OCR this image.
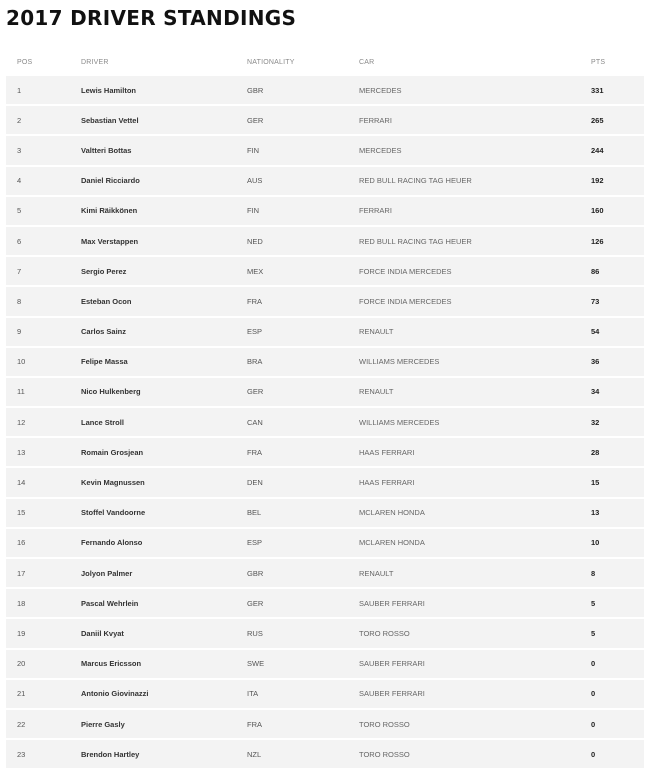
2017 DRIVER STANDINGS
POS	DRIVER	NATIONALITY	CAR	PTS
1	Lewis Hamilton	GBR	MERCEDES	331
2	Sebastian Vettel	GER	FERRARI	265
3	Valtteri Bottas	FIN	MERCEDES	244
4	Daniel Ricciardo	AUS	RED BULL RACING TAG HEUER	192
5	Kimi Räikkönen	FIN	FERRARI	160
6	Max Verstappen	NED	RED BULL RACING TAG HEUER	126
7	Sergio Perez	MEX	FORCE INDIA MERCEDES	86
8	Esteban Ocon	FRA	FORCE INDIA MERCEDES	73
9	Carlos Sainz	ESP	RENAULT	54
10	Felipe Massa	BRA	WILLIAMS MERCEDES	36
11	Nico Hulkenberg	GER	RENAULT	34
12	Lance Stroll	CAN	WILLIAMS MERCEDES	32
13	Romain Grosjean	FRA	HAAS FERRARI	28
14	Kevin Magnussen	DEN	HAAS FERRARI	15
15	Stoffel Vandoorne	BEL	MCLAREN HONDA	13
16	Fernando Alonso	ESP	MCLAREN HONDA	10
17	Jolyon Palmer	GBR	RENAULT	8
18	Pascal Wehrlein	GER	SAUBER FERRARI	5
19	Daniil Kvyat	RUS	TORO ROSSO	5
20	Marcus Ericsson	SWE	SAUBER FERRARI	0
21	Antonio Giovinazzi	ITA	SAUBER FERRARI	0
22	Pierre Gasly	FRA	TORO ROSSO	0
23	Brendon Hartley	NZL	TORO ROSSO	0
